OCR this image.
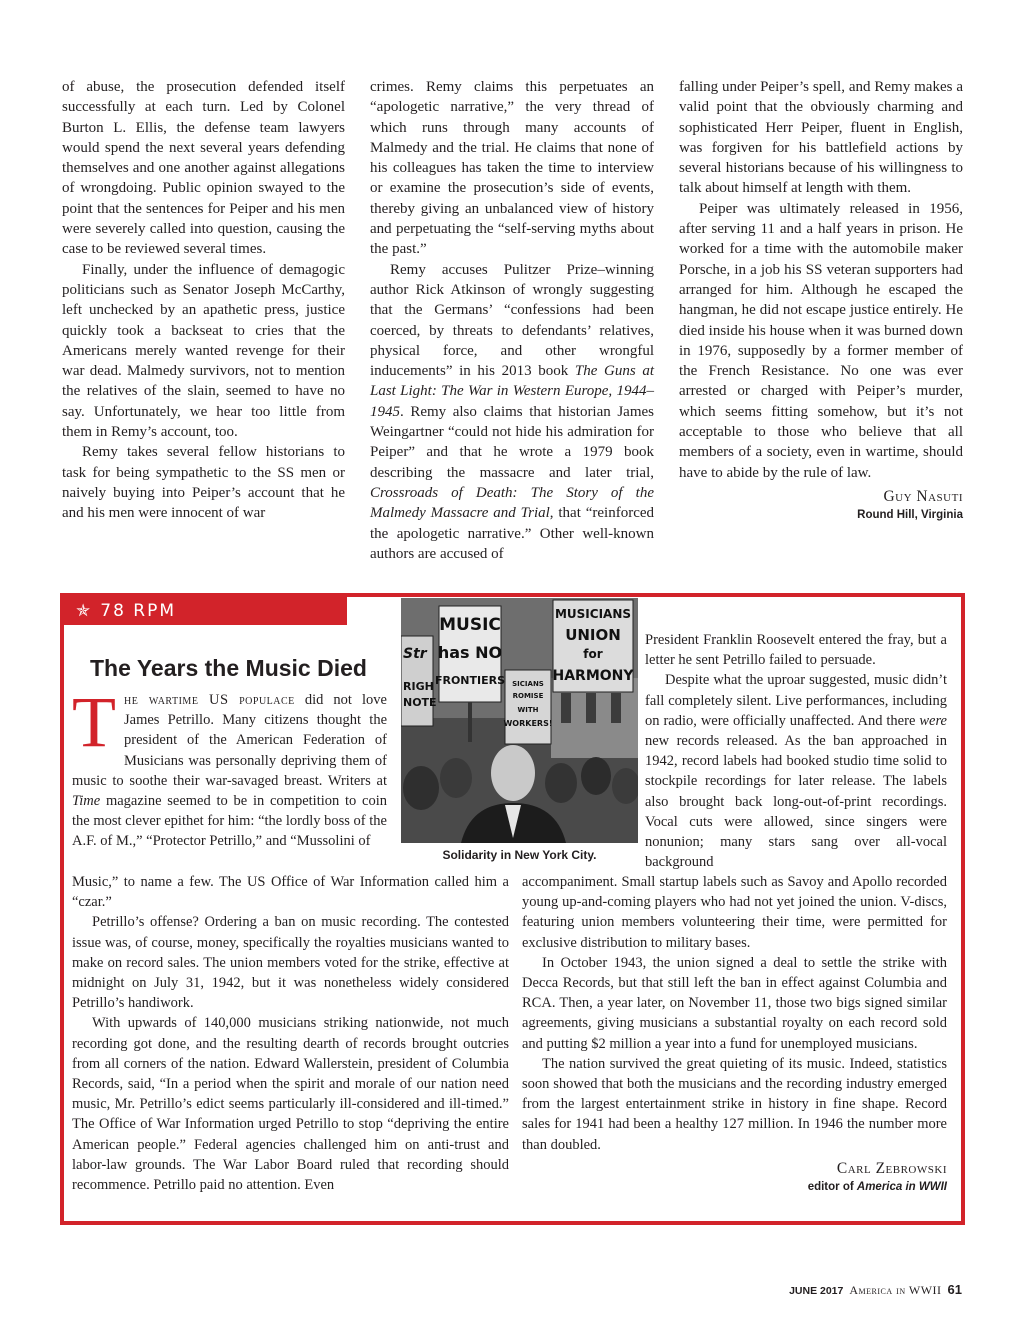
of abuse, the prosecution defended itself successfully at each turn. Led by Colonel Burton L. Ellis, the defense team lawyers would spend the next several years defending themselves and one another against allegations of wrongdoing. Public opinion swayed to the point that the sentences for Peiper and his men were severely called into question, causing the case to be reviewed several times.

Finally, under the influence of demagogic politicians such as Senator Joseph McCarthy, left unchecked by an apathetic press, justice quickly took a backseat to cries that the Americans merely wanted revenge for their war dead. Malmedy survivors, not to mention the relatives of the slain, seemed to have no say. Unfortunately, we hear too little from them in Remy’s account, too.

Remy takes several fellow historians to task for being sympathetic to the SS men or naively buying into Peiper’s account that he and his men were innocent of war

crimes. Remy claims this perpetuates an “apologetic narrative,” the very thread of which runs through many accounts of Malmedy and the trial. He claims that none of his colleagues has taken the time to interview or examine the prosecution’s side of events, thereby giving an unbalanced view of history and perpetuating the “self-serving myths about the past.”

Remy accuses Pulitzer Prize–winning author Rick Atkinson of wrongly suggesting that the Germans’ “confessions had been coerced, by threats to defendants’ relatives, physical force, and other wrongful inducements” in his 2013 book The Guns at Last Light: The War in Western Europe, 1944–1945. Remy also claims that historian James Weingartner “could not hide his admiration for Peiper” and that he wrote a 1979 book describing the massacre and later trial, Crossroads of Death: The Story of the Malmedy Massacre and Trial, that “reinforced the apologetic narrative.” Other well-known authors are accused of

falling under Peiper’s spell, and Remy makes a valid point that the obviously charming and sophisticated Herr Peiper, fluent in English, was forgiven for his battlefield actions by several historians because of his willingness to talk about himself at length with them.

Peiper was ultimately released in 1956, after serving 11 and a half years in prison. He worked for a time with the automobile maker Porsche, in a job his SS veteran supporters had arranged for him. Although he escaped the hangman, he did not escape justice entirely. He died inside his house when it was burned down in 1976, supposedly by a former member of the French Resistance. No one was ever arrested or charged with Peiper’s murder, which seems fitting somehow, but it’s not acceptable to those who believe that all members of a society, even in wartime, should have to abide by the rule of law.

Guy Nasuti
Round Hill, Virginia
✯ 78 RPM
The Years the Music Died

The wartime US populace did not love James Petrillo. Many citizens thought the president of the American Federation of Musicians was personally depriving them of music to soothe their war-savaged breast. Writers at Time magazine seemed to be in competition to coin the most clever epithet for him: “the lordly boss of the A.F. of M.,” “Protector Petrillo,” and “Mussolini of

MUSIC
has NO
FRONTIERS
MUSICIANS
UNION
for
HARMONY
Str
RIGH
NOTE
SICIANS
ROMISE
WITH
WORKERS!
Solidarity in New York City.

President Franklin Roosevelt entered the fray, but a letter he sent Petrillo failed to persuade.

Despite what the uproar suggested, music didn’t fall completely silent. Live performances, including on radio, were officially unaffected. And there were new records released. As the ban approached in 1942, record labels had booked studio time solid to stockpile recordings for later release. The labels also brought back long-out-of-print recordings. Vocal cuts were allowed, since singers were nonunion; many stars sang over all-vocal background

Music,” to name a few. The US Office of War Information called him a “czar.”

Petrillo’s offense? Ordering a ban on music recording. The contested issue was, of course, money, specifically the royalties musicians wanted to make on record sales. The union members voted for the strike, effective at midnight on July 31, 1942, but it was nonetheless widely considered Petrillo’s handiwork.

With upwards of 140,000 musicians striking nationwide, not much recording got done, and the resulting dearth of records brought outcries from all corners of the nation. Edward Wallerstein, president of Columbia Records, said, “In a period when the spirit and morale of our nation need music, Mr. Petrillo’s edict seems particularly ill-considered and ill-timed.” The Office of War Information urged Petrillo to stop “depriving the entire American people.” Federal agencies challenged him on anti-trust and labor-law grounds. The War Labor Board ruled that recording should recommence. Petrillo paid no attention. Even

accompaniment. Small startup labels such as Savoy and Apollo recorded young up-and-coming players who had not yet joined the union. V-discs, featuring union members volunteering their time, were permitted for exclusive distribution to military bases.

In October 1943, the union signed a deal to settle the strike with Decca Records, but that still left the ban in effect against Columbia and RCA. Then, a year later, on November 11, those two bigs signed similar agreements, giving musicians a substantial royalty on each record sold and putting $2 million a year into a fund for unemployed musicians.

The nation survived the great quieting of its music. Indeed, statistics soon showed that both the musicians and the recording industry emerged from the largest entertainment strike in history in fine shape. Record sales for 1941 had been a healthy 127 million. In 1946 the number more than doubled.

Carl Zebrowski
editor of America in WWII
JUNE 2017 America in WWII 61
